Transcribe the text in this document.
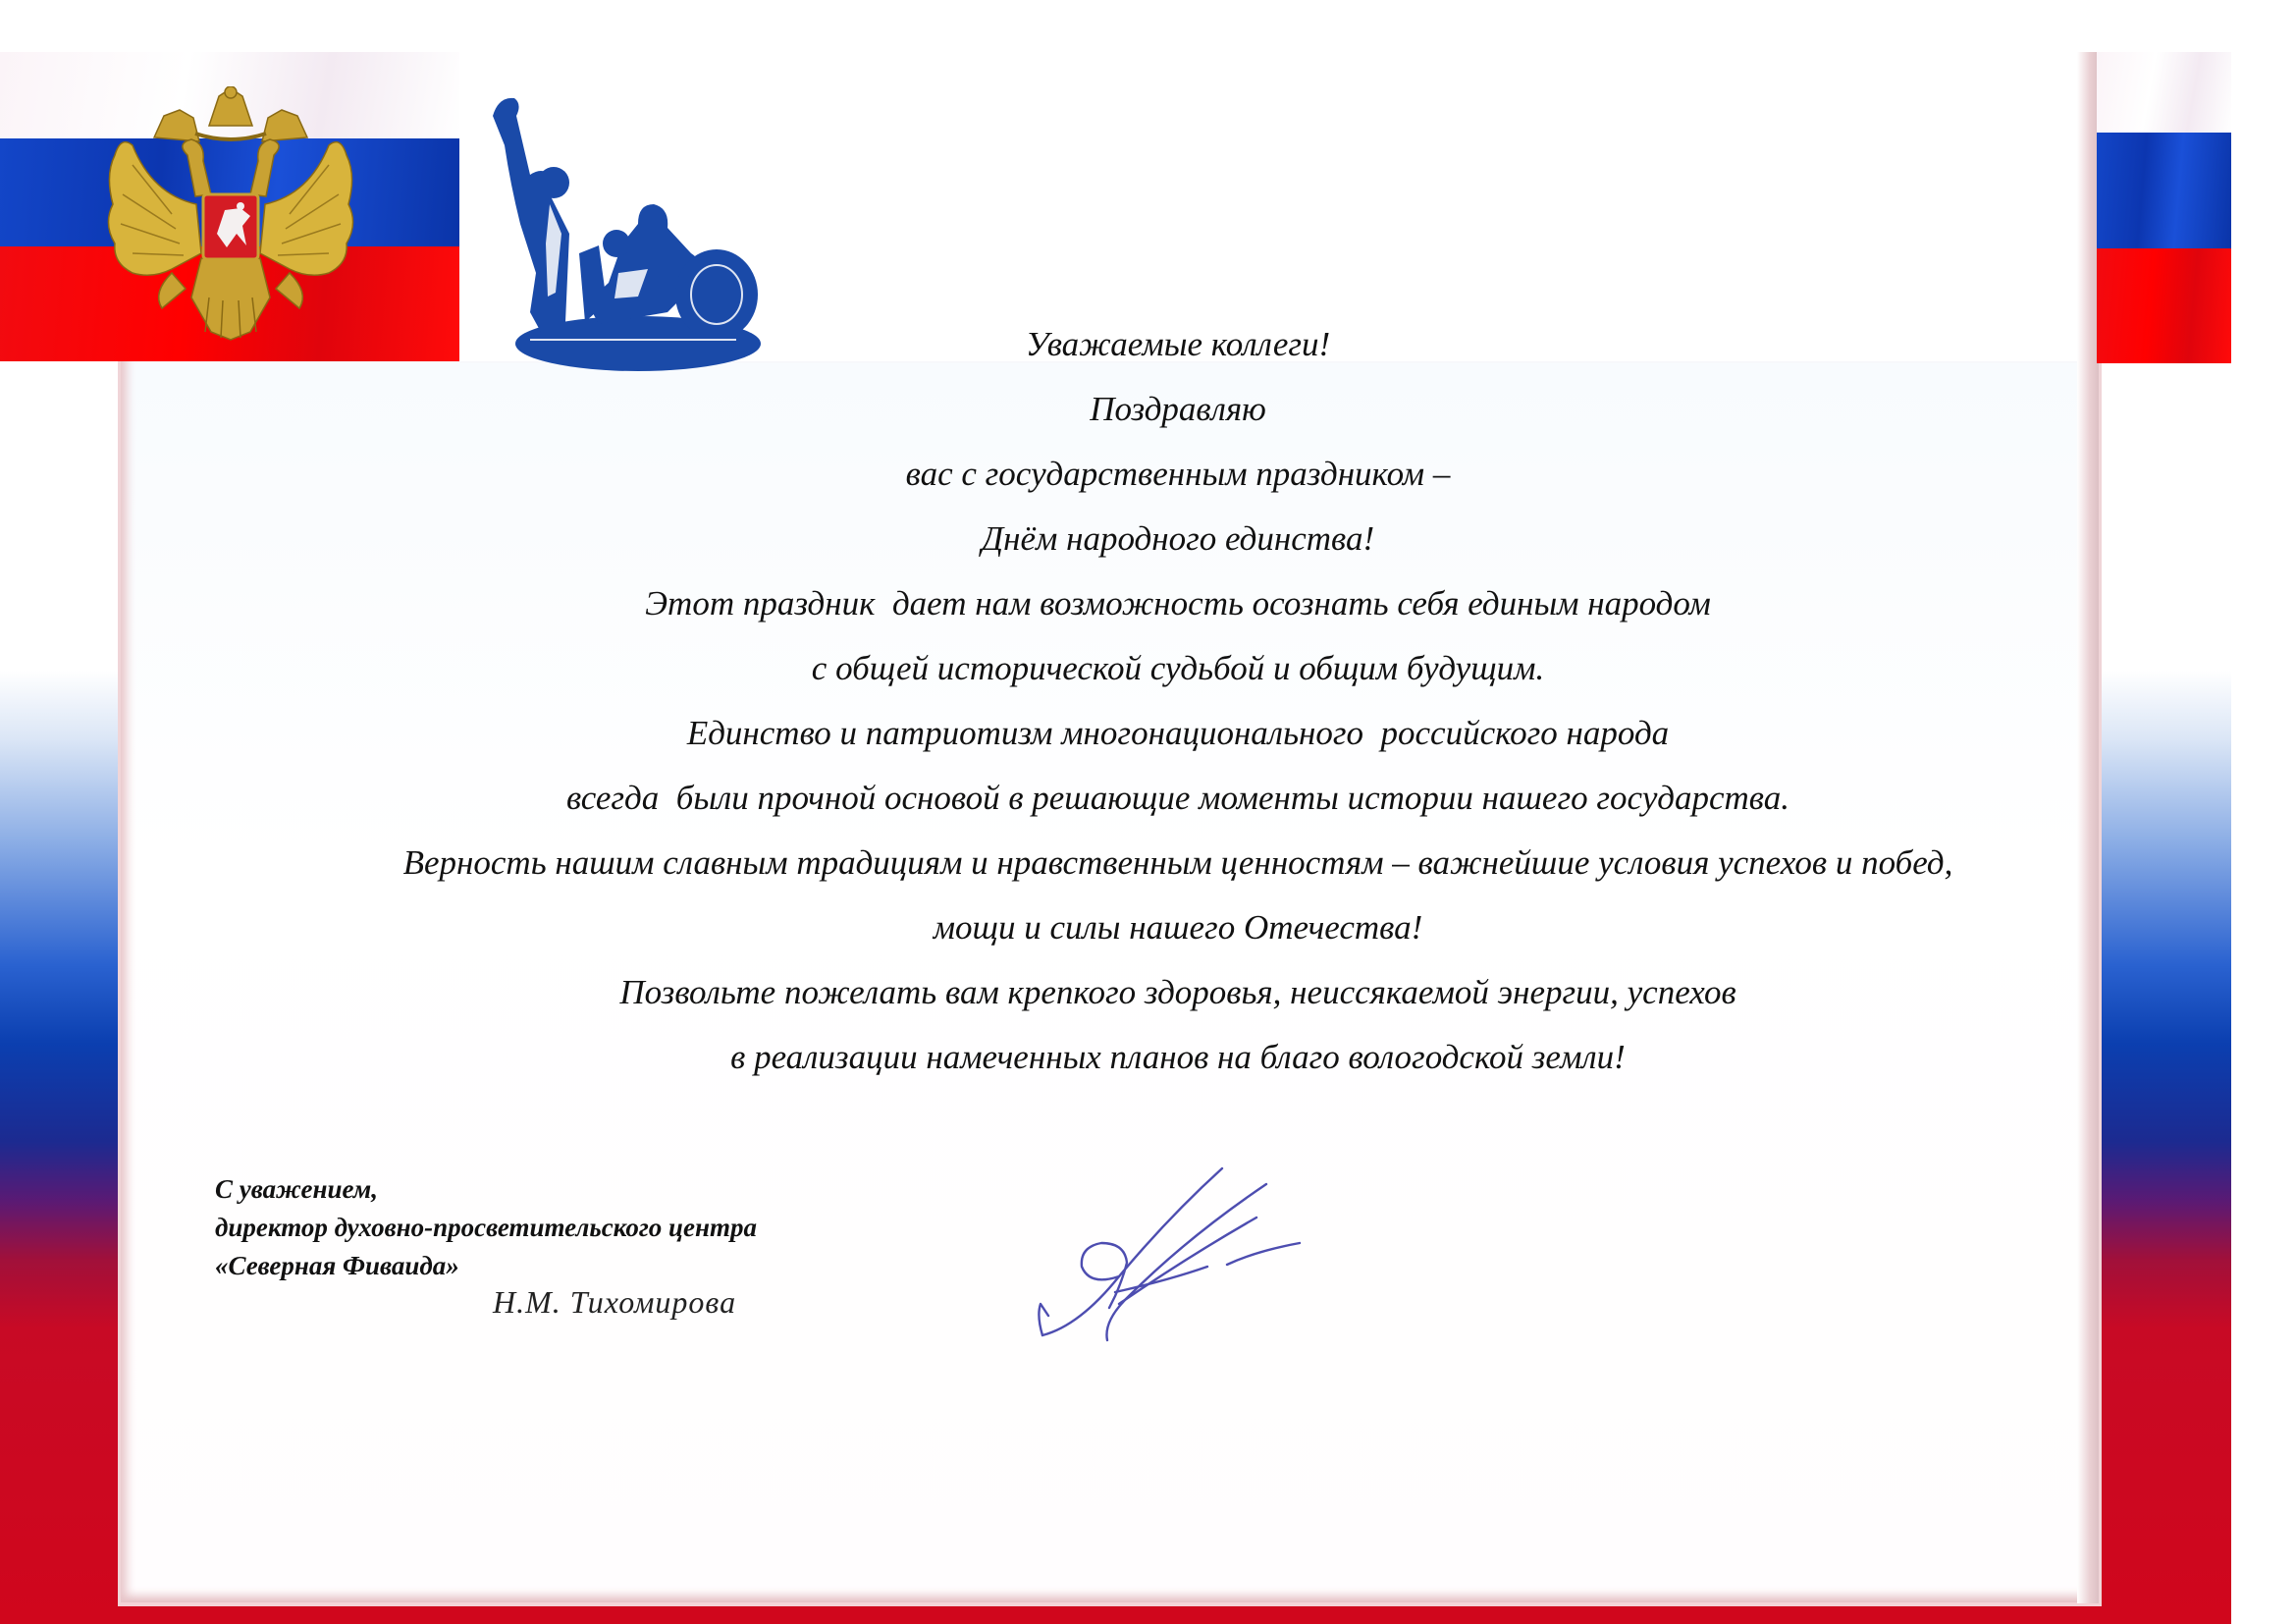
Уважаемые коллеги!
Поздравляю
вас с государственным праздником –
Днём народного единства!
Этот праздник  дает нам возможность осознать себя единым народом
с общей исторической судьбой и общим будущим.
Единство и патриотизм многонационального  российского народа
всегда  были прочной основой в решающие моменты истории нашего государства.
Верность нашим славным традициям и нравственным ценностям – важнейшие условия успехов и побед,
мощи и силы нашего Отечества!
Позвольте пожелать вам крепкого здоровья, неиссякаемой энергии, успехов
в реализации намеченных планов на благо вологодской земли!
С уважением,
директор духовно-просветительского центра
«Северная Фиваида»
Н.М. Тихомирова
